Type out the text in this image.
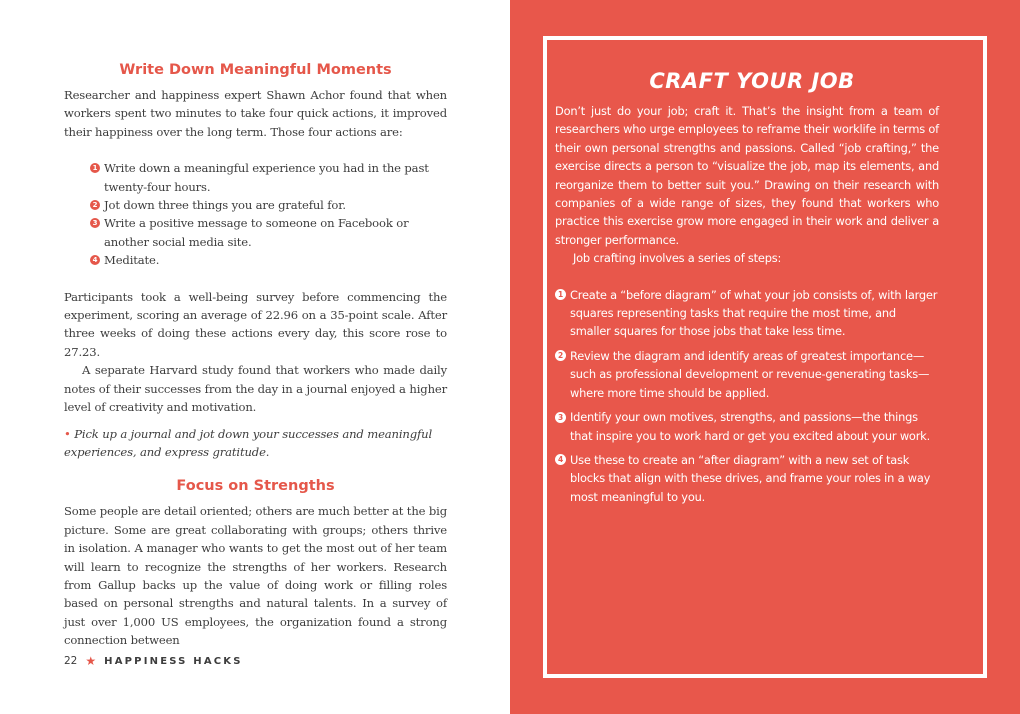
Write Down Meaningful Moments

Researcher and happiness expert Shawn Achor found that when workers spent two minutes to take four quick actions, it improved their happiness over the long term. Those four actions are:

1 Write down a meaningful experience you had in the past twenty-four hours.
2 Jot down three things you are grateful for.
3 Write a positive message to someone on Facebook or another social media site.
4 Meditate.

Participants took a well-being survey before commencing the experiment, scoring an average of 22.96 on a 35-point scale. After three weeks of doing these actions every day, this score rose to 27.23.

A separate Harvard study found that workers who made daily notes of their successes from the day in a journal enjoyed a higher level of creativity and motivation.

• Pick up a journal and jot down your successes and meaningful experiences, and express gratitude.

Focus on Strengths

Some people are detail oriented; others are much better at the big picture. Some are great collaborating with groups; others thrive in isolation. A manager who wants to get the most out of her team will learn to recognize the strengths of her workers. Research from Gallup backs up the value of doing work or filling roles based on personal strengths and natural talents. In a survey of just over 1,000 US employees, the organization found a strong connection between

22 ★ HAPPINESS HACKS
CRAFT YOUR JOB

Don’t just do your job; craft it. That’s the insight from a team of researchers who urge employees to reframe their worklife in terms of their own personal strengths and passions. Called “job crafting,” the exercise directs a person to “visualize the job, map its elements, and reorganize them to better suit you.” Drawing on their research with companies of a wide range of sizes, they found that workers who practice this exercise grow more engaged in their work and deliver a stronger performance.

Job crafting involves a series of steps:

1 Create a “before diagram” of what your job consists of, with larger squares representing tasks that require the most time, and smaller squares for those jobs that take less time.
2 Review the diagram and identify areas of greatest importance—such as professional development or revenue-generating tasks—where more time should be applied.
3 Identify your own motives, strengths, and passions—the things that inspire you to work hard or get you excited about your work.
4 Use these to create an “after diagram” with a new set of task blocks that align with these drives, and frame your roles in a way most meaningful to you.
